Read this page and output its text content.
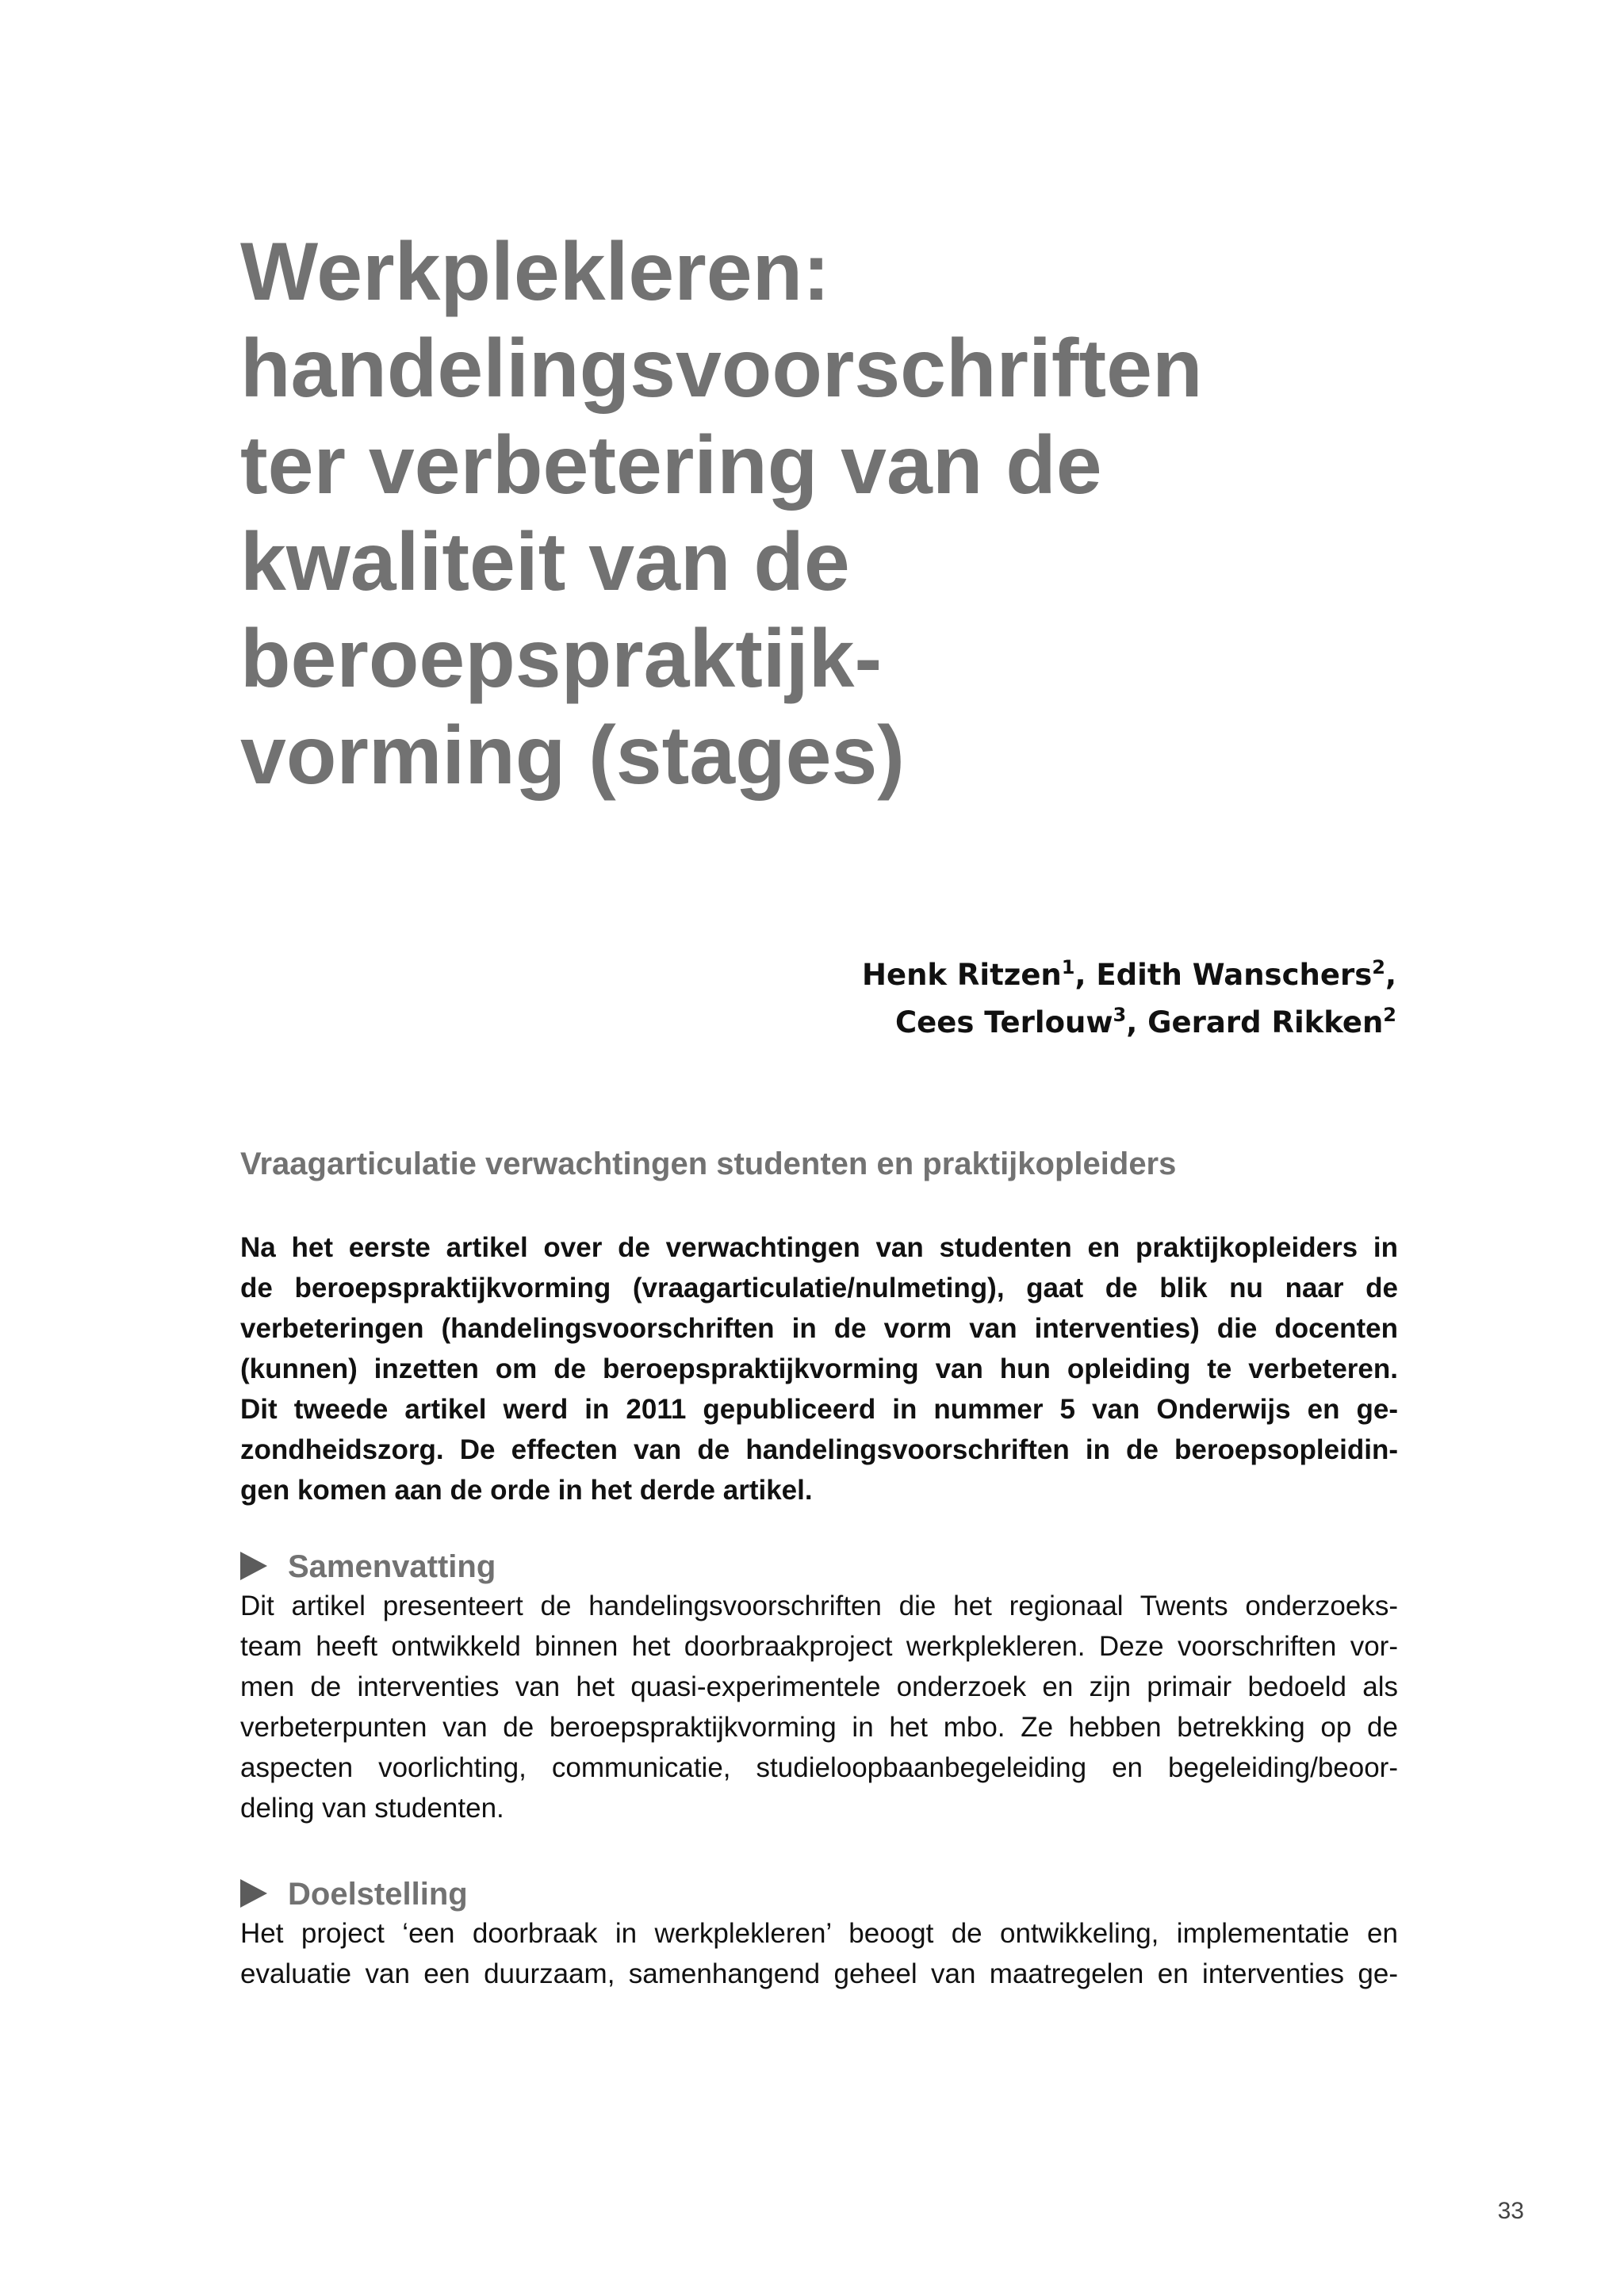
Werkplekleren:
handelingsvoorschriften
ter verbetering van de
kwaliteit van de
beroepspraktijk-
vorming (stages)
Henk Ritzen$^1$, Edith Wanschers$^2$,
Cees Terlouw$^3$, Gerard Rikken$^2$
Vraagarticulatie verwachtingen studenten en praktijkopleiders
Na het eerste artikel over de verwachtingen van studenten en praktijkopleiders in
de beroepspraktijkvorming (vraagarticulatie/nulmeting), gaat de blik nu naar de
verbeteringen (handelingsvoorschriften in de vorm van interventies) die docenten
(kunnen) inzetten om de beroepspraktijkvorming van hun opleiding te verbeteren.
Dit tweede artikel werd in 2011 gepubliceerd in nummer 5 van Onderwijs en ge-
zondheidszorg. De effecten van de handelingsvoorschriften in de beroepsopleidin-
gen komen aan de orde in het derde artikel.
Samenvatting
Dit artikel presenteert de handelingsvoorschriften die het regionaal Twents onderzoeks-
team heeft ontwikkeld binnen het doorbraakproject werkplekleren. Deze voorschriften vor-
men de interventies van het quasi-experimentele onderzoek en zijn primair bedoeld als
verbeterpunten van de beroepspraktijkvorming in het mbo. Ze hebben betrekking op de
aspecten voorlichting, communicatie, studieloopbaanbegeleiding en begeleiding/beoor-
deling van studenten.
Doelstelling
Het project ‘een doorbraak in werkplekleren’ beoogt de ontwikkeling, implementatie en
evaluatie van een duurzaam, samenhangend geheel van maatregelen en interventies ge-
33
